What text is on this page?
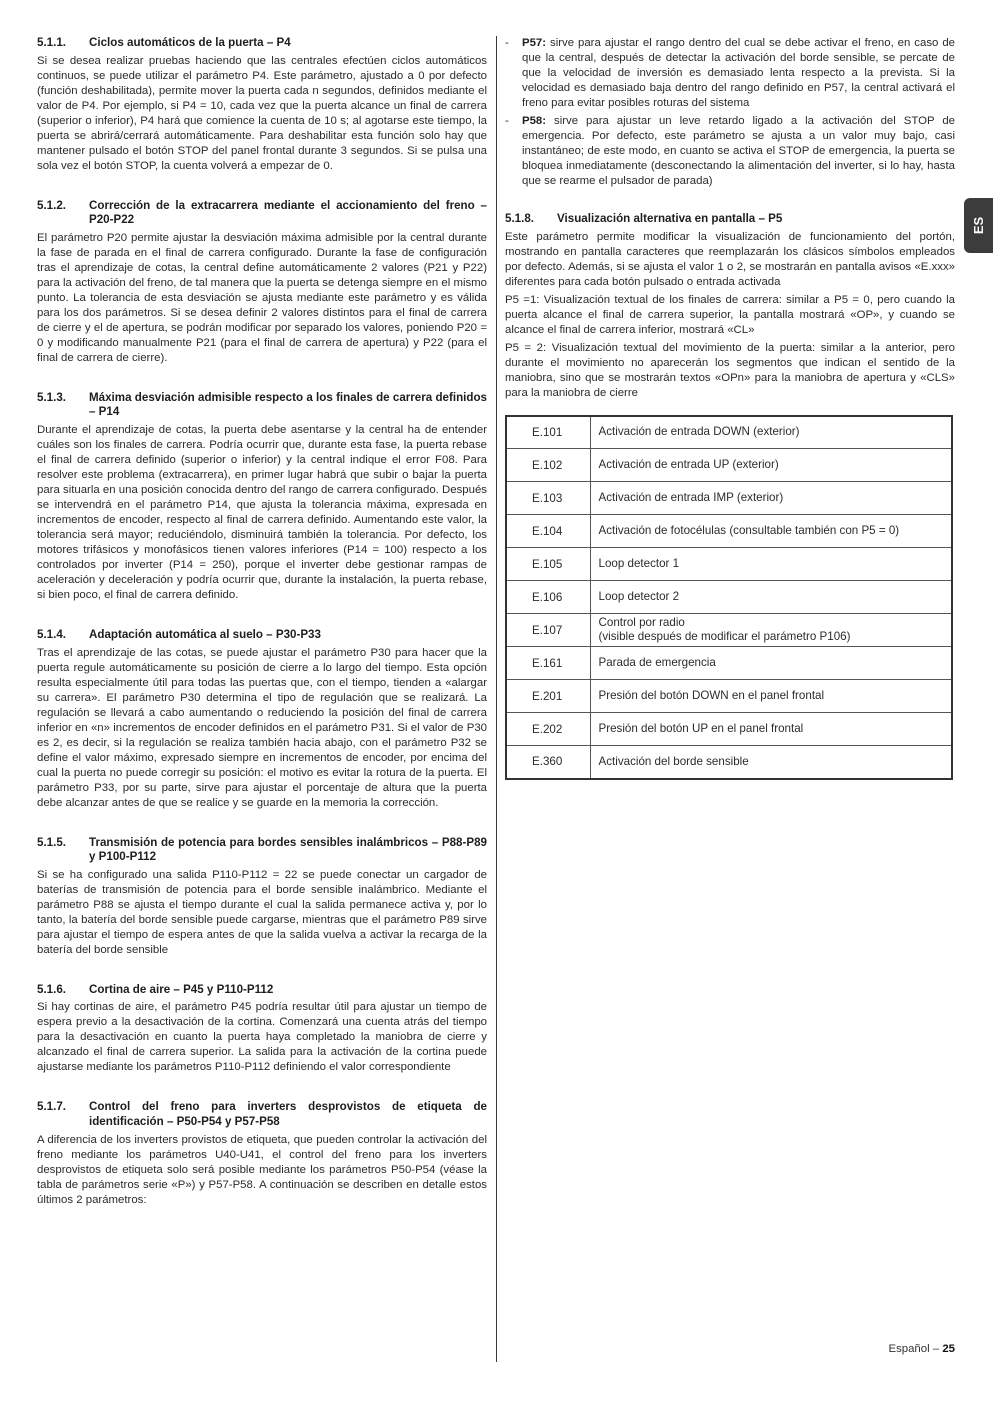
5.1.1.	Ciclos automáticos de la puerta – P4

Si se desea realizar pruebas haciendo que las centrales efectúen ciclos automáticos continuos, se puede utilizar el parámetro P4. Este parámetro, ajustado a 0 por defecto (función deshabilitada), permite mover la puerta cada n segundos, definidos mediante el valor de P4. Por ejemplo, si P4 = 10, cada vez que la puerta alcance un final de carrera (superior o inferior), P4 hará que comience la cuenta de 10 s; al agotarse este tiempo, la puerta se abrirá/cerrará automáticamente. Para deshabilitar esta función solo hay que mantener pulsado el botón STOP del panel frontal durante 3 segundos. Si se pulsa una sola vez el botón STOP, la cuenta volverá a empezar de 0.

5.1.2.	Corrección de la extracarrera mediante el accionamiento del freno – P20-P22

El parámetro P20 permite ajustar la desviación máxima admisible por la central durante la fase de parada en el final de carrera configurado. Durante la fase de configuración tras el aprendizaje de cotas, la central define automáticamente 2 valores (P21 y P22) para la activación del freno, de tal manera que la puerta se detenga siempre en el mismo punto. La tolerancia de esta desviación se ajusta mediante este parámetro y es válida para los dos parámetros. Si se desea definir 2 valores distintos para el final de carrera de cierre y el de apertura, se podrán modificar por separado los valores, poniendo P20 = 0 y modificando manualmente P21 (para el final de carrera de apertura) y P22 (para el final de carrera de cierre).

5.1.3.	Máxima desviación admisible respecto a los finales de carrera definidos – P14

Durante el aprendizaje de cotas, la puerta debe asentarse y la central ha de entender cuáles son los finales de carrera. Podría ocurrir que, durante esta fase, la puerta rebase el final de carrera definido (superior o inferior) y la central indique el error F08. Para resolver este problema (extracarrera), en primer lugar habrá que subir o bajar la puerta para situarla en una posición conocida dentro del rango de carrera configurado. Después se intervendrá en el parámetro P14, que ajusta la tolerancia máxima, expresada en incrementos de encoder, respecto al final de carrera definido. Aumentando este valor, la tolerancia será mayor; reduciéndolo, disminuirá también la tolerancia. Por defecto, los motores trifásicos y monofásicos tienen valores inferiores (P14 = 100) respecto a los controlados por inverter (P14 = 250), porque el inverter debe gestionar rampas de aceleración y deceleración y podría ocurrir que, durante la instalación, la puerta rebase, si bien poco, el final de carrera definido.

5.1.4.	Adaptación automática al suelo – P30-P33

Tras el aprendizaje de las cotas, se puede ajustar el parámetro P30 para hacer que la puerta regule automáticamente su posición de cierre a lo largo del tiempo. Esta opción resulta especialmente útil para todas las puertas que, con el tiempo, tienden a «alargar su carrera». El parámetro P30 determina el tipo de regulación que se realizará. La regulación se llevará a cabo aumentando o reduciendo la posición del final de carrera inferior en «n» incrementos de encoder definidos en el parámetro P31. Si el valor de P30 es 2, es decir, si la regulación se realiza también hacia abajo, con el parámetro P32 se define el valor máximo, expresado siempre en incrementos de encoder, por encima del cual la puerta no puede corregir su posición: el motivo es evitar la rotura de la puerta. El parámetro P33, por su parte, sirve para ajustar el porcentaje de altura que la puerta debe alcanzar antes de que se realice y se guarde en la memoria la corrección.

5.1.5.	Transmisión de potencia para bordes sensibles inalámbricos – P88-P89 y P100-P112

Si se ha configurado una salida P110-P112 = 22 se puede conectar un cargador de baterías de transmisión de potencia para el borde sensible inalámbrico. Mediante el parámetro P88 se ajusta el tiempo durante el cual la salida permanece activa y, por lo tanto, la batería del borde sensible puede cargarse, mientras que el parámetro P89 sirve para ajustar el tiempo de espera antes de que la salida vuelva a activar la recarga de la batería del borde sensible

5.1.6.	Cortina de aire – P45 y P110-P112

Si hay cortinas de aire, el parámetro P45 podría resultar útil para ajustar un tiempo de espera previo a la desactivación de la cortina. Comenzará una cuenta atrás del tiempo para la desactivación en cuanto la puerta haya completado la maniobra de cierre y alcanzado el final de carrera superior. La salida para la activación de la cortina puede ajustarse mediante los parámetros P110-P112 definiendo el valor correspondiente

5.1.7.	Control del freno para inverters desprovistos de etiqueta de identificación – P50-P54 y P57-P58

A diferencia de los inverters provistos de etiqueta, que pueden controlar la activación del freno mediante los parámetros U40-U41, el control del freno para los inverters desprovistos de etiqueta solo será posible mediante los parámetros P50-P54 (véase la tabla de parámetros serie «P») y P57-P58. A continuación se describen en detalle estos últimos 2 parámetros:

-	P57: sirve para ajustar el rango dentro del cual se debe activar el freno, en caso de que la central, después de detectar la activación del borde sensible, se percate de que la velocidad de inversión es demasiado lenta respecto a la prevista. Si la velocidad es demasiado baja dentro del rango definido en P57, la central activará el freno para evitar posibles roturas del sistema
-	P58: sirve para ajustar un leve retardo ligado a la activación del STOP de emergencia. Por defecto, este parámetro se ajusta a un valor muy bajo, casi instantáneo; de este modo, en cuanto se activa el STOP de emergencia, la puerta se bloquea inmediatamente (desconectando la alimentación del inverter, si lo hay, hasta que se rearme el pulsador de parada)
5.1.8.	Visualización alternativa en pantalla – P5

Este parámetro permite modificar la visualización de funcionamiento del portón, mostrando en pantalla caracteres que reemplazarán los clásicos símbolos empleados por defecto. Además, si se ajusta el valor 1 o 2, se mostrarán en pantalla avisos «E.xxx» diferentes para cada botón pulsado o entrada activada

P5 =1: Visualización textual de los finales de carrera: similar a P5 = 0, pero cuando la puerta alcance el final de carrera superior, la pantalla mostrará «OP», y cuando se alcance el final de carrera inferior, mostrará «CL»

P5 = 2: Visualización textual del movimiento de la puerta: similar a la anterior, pero durante el movimiento no aparecerán los segmentos que indican el sentido de la maniobra, sino que se mostrarán textos «OPn» para la maniobra de apertura y «CLS» para la maniobra de cierre

E.101	Activación de entrada DOWN (exterior)

E.102	Activación de entrada UP (exterior)

E.103	Activación de entrada IMP (exterior)

E.104	Activación de fotocélulas (consultable también con P5 = 0)

E.105	Loop detector 1

E.106	Loop detector 2

E.107	Control por radio
(visible después de modificar el parámetro P106)

E.161	Parada de emergencia

E.201	Presión del botón DOWN en el panel frontal

E.202	Presión del botón UP en el panel frontal

E.360	Activación del borde sensible
ES
Español – 25
